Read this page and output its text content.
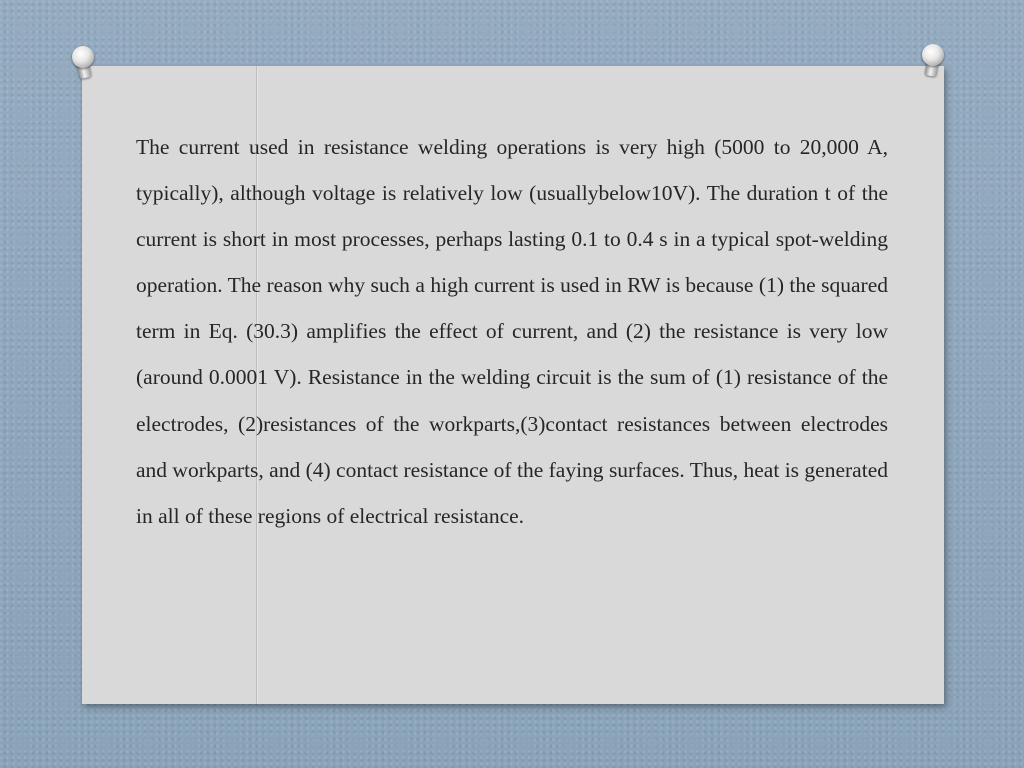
The current used in resistance welding operations is very high (5000 to 20,000 A, typically), although voltage is relatively low (usuallybelow10V). The duration t of the current is short in most processes, perhaps lasting 0.1 to 0.4 s in a typical spot-welding operation. The reason why such a high current is used in RW is because (1) the squared term in Eq. (30.3) amplifies the effect of current, and (2) the resistance is very low (around 0.0001 V). Resistance in the welding circuit is the sum of (1) resistance of the electrodes, (2)resistances of the workparts,(3)contact resistances between electrodes and workparts, and (4) contact resistance of the faying surfaces. Thus, heat is generated in all of these regions of electrical resistance.
